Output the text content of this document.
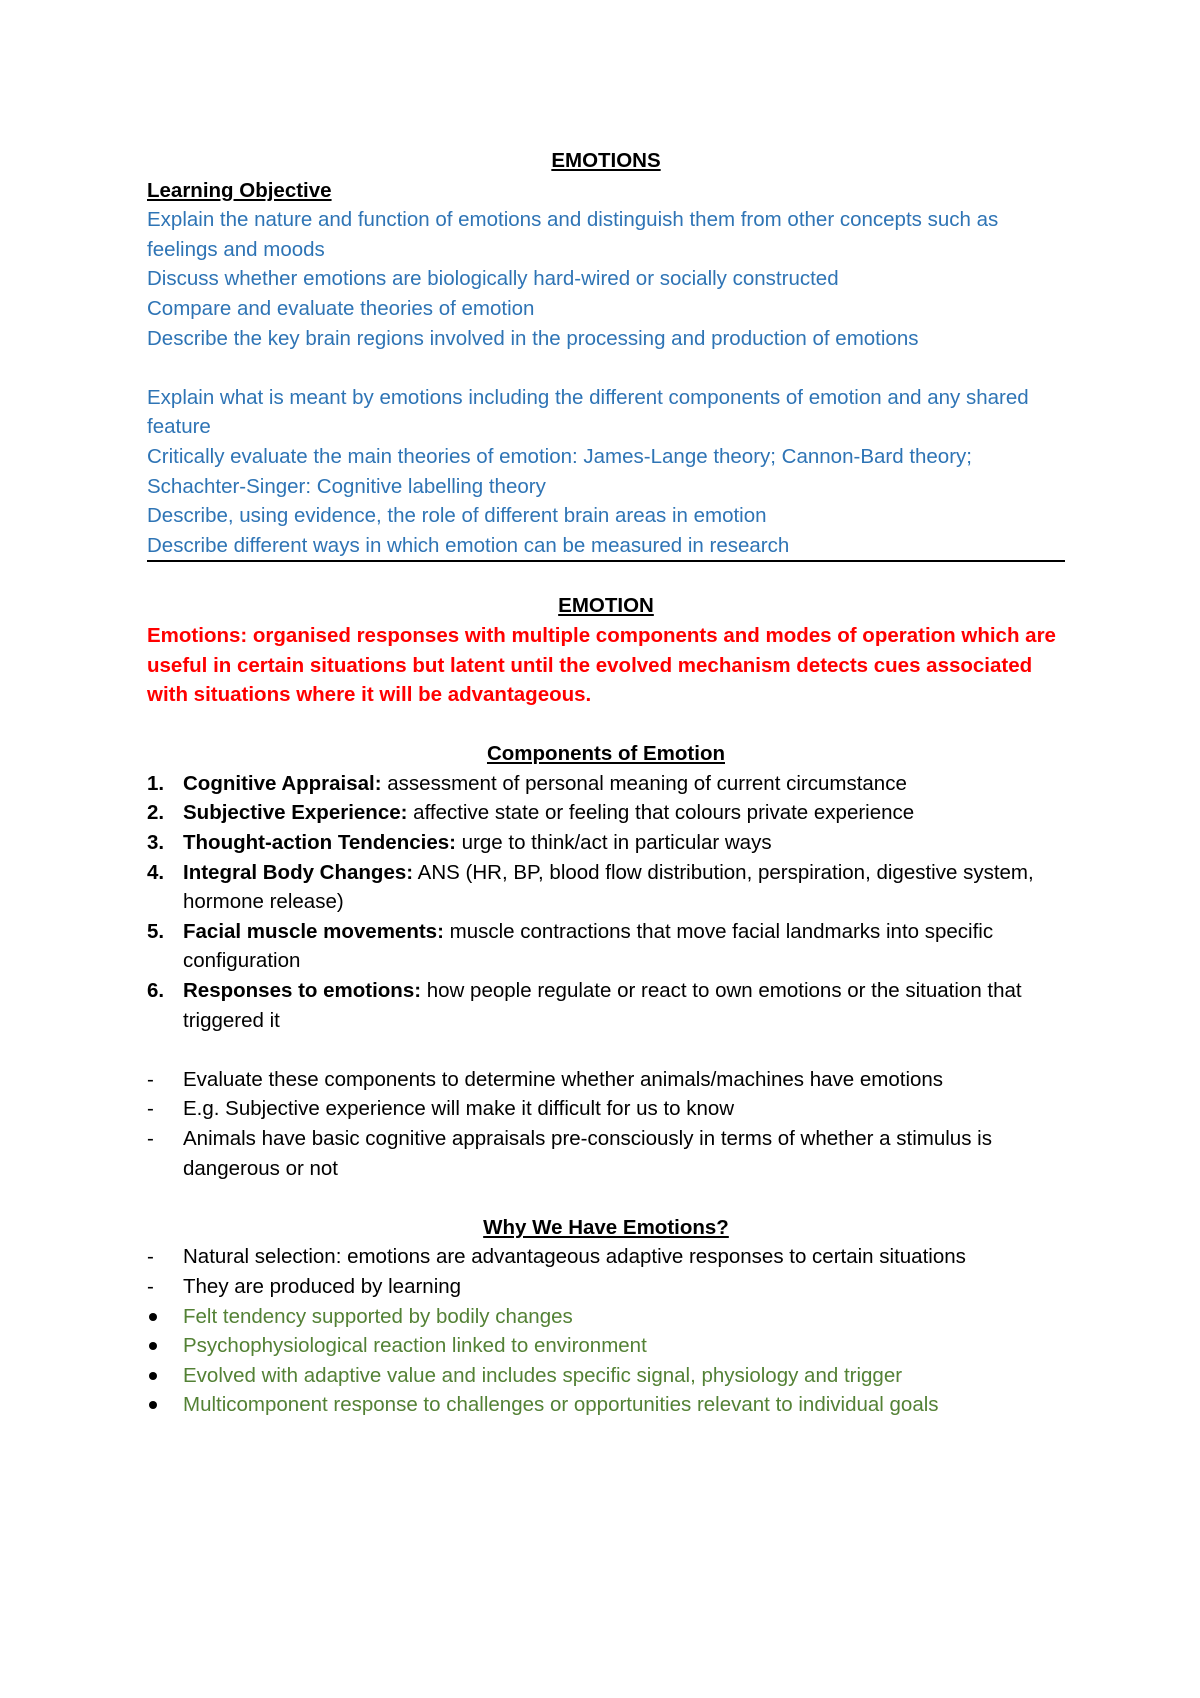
EMOTIONS
Learning Objective
Explain the nature and function of emotions and distinguish them from other concepts such as feelings and moods
Discuss whether emotions are biologically hard-wired or socially constructed
Compare and evaluate theories of emotion
Describe the key brain regions involved in the processing and production of emotions
Explain what is meant by emotions including the different components of emotion and any shared feature
Critically evaluate the main theories of emotion: James-Lange theory; Cannon-Bard theory; Schachter-Singer: Cognitive labelling theory
Describe, using evidence, the role of different brain areas in emotion
Describe different ways in which emotion can be measured in research
EMOTION
Emotions: organised responses with multiple components and modes of operation which are useful in certain situations but latent until the evolved mechanism detects cues associated with situations where it will be advantageous.
Components of Emotion
1. Cognitive Appraisal: assessment of personal meaning of current circumstance
2. Subjective Experience: affective state or feeling that colours private experience
3. Thought-action Tendencies: urge to think/act in particular ways
4. Integral Body Changes: ANS (HR, BP, blood flow distribution, perspiration, digestive system, hormone release)
5. Facial muscle movements: muscle contractions that move facial landmarks into specific configuration
6. Responses to emotions: how people regulate or react to own emotions or the situation that triggered it
- Evaluate these components to determine whether animals/machines have emotions
- E.g. Subjective experience will make it difficult for us to know
- Animals have basic cognitive appraisals pre-consciously in terms of whether a stimulus is dangerous or not
Why We Have Emotions?
- Natural selection: emotions are advantageous adaptive responses to certain situations
- They are produced by learning
Felt tendency supported by bodily changes
Psychophysiological reaction linked to environment
Evolved with adaptive value and includes specific signal, physiology and trigger
Multicomponent response to challenges or opportunities relevant to individual goals
